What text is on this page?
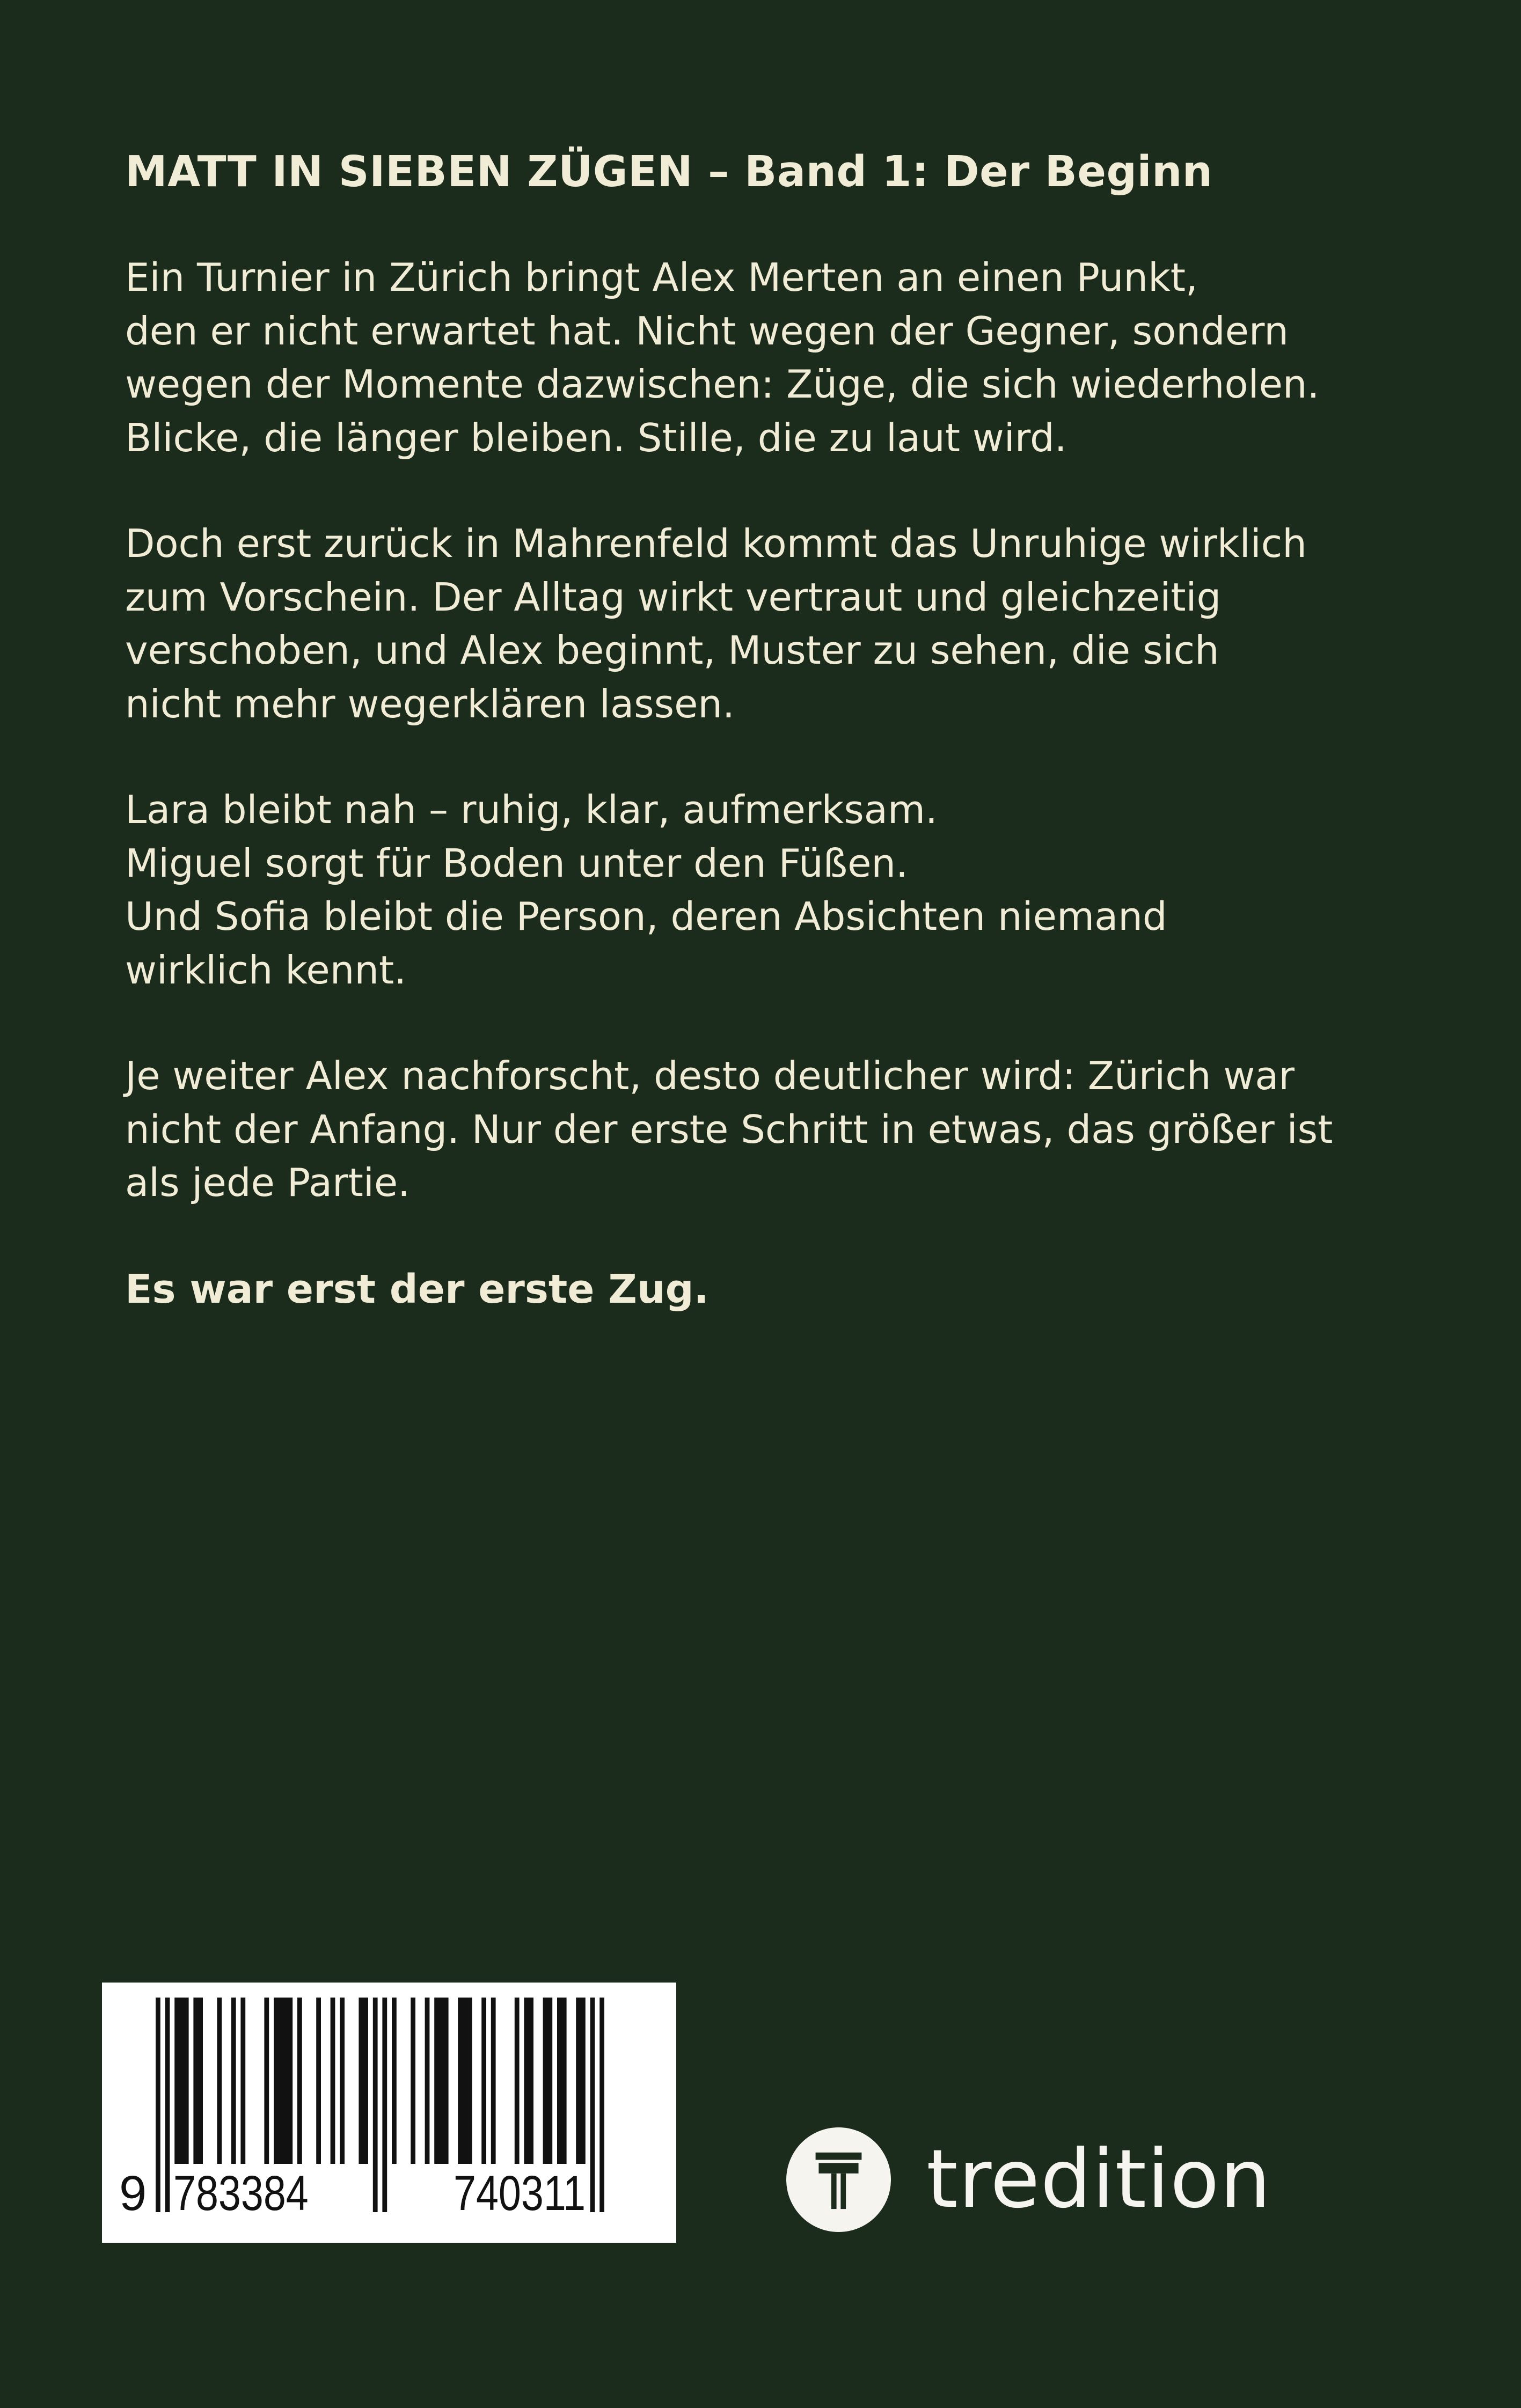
MATT IN SIEBEN ZÜGEN – Band 1: Der Beginn

Ein Turnier in Zürich bringt Alex Merten an einen Punkt,
den er nicht erwartet hat. Nicht wegen der Gegner, sondern
wegen der Momente dazwischen: Züge, die sich wiederholen.
Blicke, die länger bleiben. Stille, die zu laut wird.

Doch erst zurück in Mahrenfeld kommt das Unruhige wirklich
zum Vorschein. Der Alltag wirkt vertraut und gleichzeitig
verschoben, und Alex beginnt, Muster zu sehen, die sich
nicht mehr wegerklären lassen.

Lara bleibt nah – ruhig, klar, aufmerksam.
Miguel sorgt für Boden unter den Füßen.
Und Sofia bleibt die Person, deren Absichten niemand
wirklich kennt.

Je weiter Alex nachforscht, desto deutlicher wird: Zürich war
nicht der Anfang. Nur der erste Schritt in etwas, das größer ist
als jede Partie.

Es war erst der erste Zug.

9 783384	740311	tredition
